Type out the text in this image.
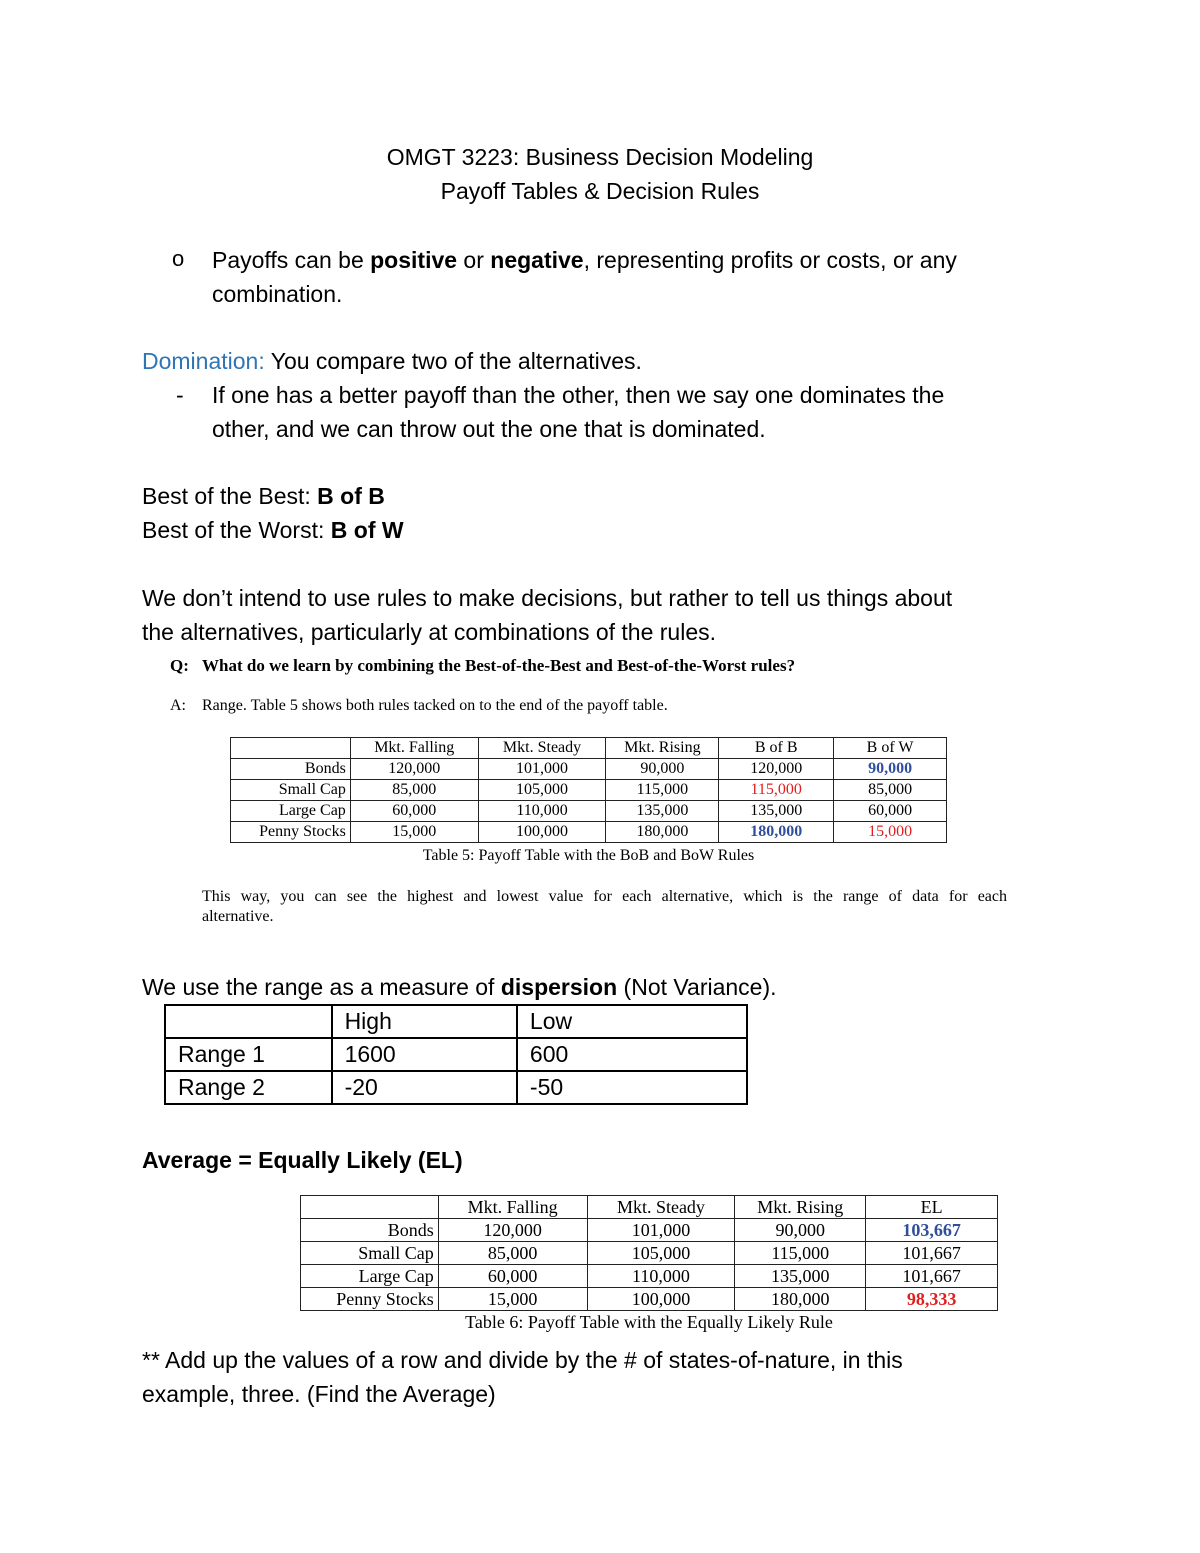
OMGT 3223: Business Decision Modeling
Payoff Tables & Decision Rules
o Payoffs can be positive or negative, representing profits or costs, or any
combination.
Domination: You compare two of the alternatives.
- If one has a better payoff than the other, then we say one dominates the
other, and we can throw out the one that is dominated.
Best of the Best: B of B
Best of the Worst: B of W
We don’t intend to use rules to make decisions, but rather to tell us things about
the alternatives, particularly at combinations of the rules.
Q: What do we learn by combining the Best-of-the-Best and Best-of-the-Worst rules?
A: Range. Table 5 shows both rules tacked on to the end of the payoff table.
	Mkt. Falling	Mkt. Steady	Mkt. Rising	B of B	B of W
Bonds	120,000	101,000	90,000	120,000	90,000
Small Cap	85,000	105,000	115,000	115,000	85,000
Large Cap	60,000	110,000	135,000	135,000	60,000
Penny Stocks	15,000	100,000	180,000	180,000	15,000
Table 5: Payoff Table with the BoB and BoW Rules
This way, you can see the highest and lowest value for each alternative, which is the range of data for each
alternative.
We use the range as a measure of dispersion (Not Variance).
	High	Low
Range 1	1600	600
Range 2	-20	-50
Average = Equally Likely (EL)
	Mkt. Falling	Mkt. Steady	Mkt. Rising	EL
Bonds	120,000	101,000	90,000	103,667
Small Cap	85,000	105,000	115,000	101,667
Large Cap	60,000	110,000	135,000	101,667
Penny Stocks	15,000	100,000	180,000	98,333
Table 6: Payoff Table with the Equally Likely Rule
** Add up the values of a row and divide by the # of states-of-nature, in this
example, three. (Find the Average)
